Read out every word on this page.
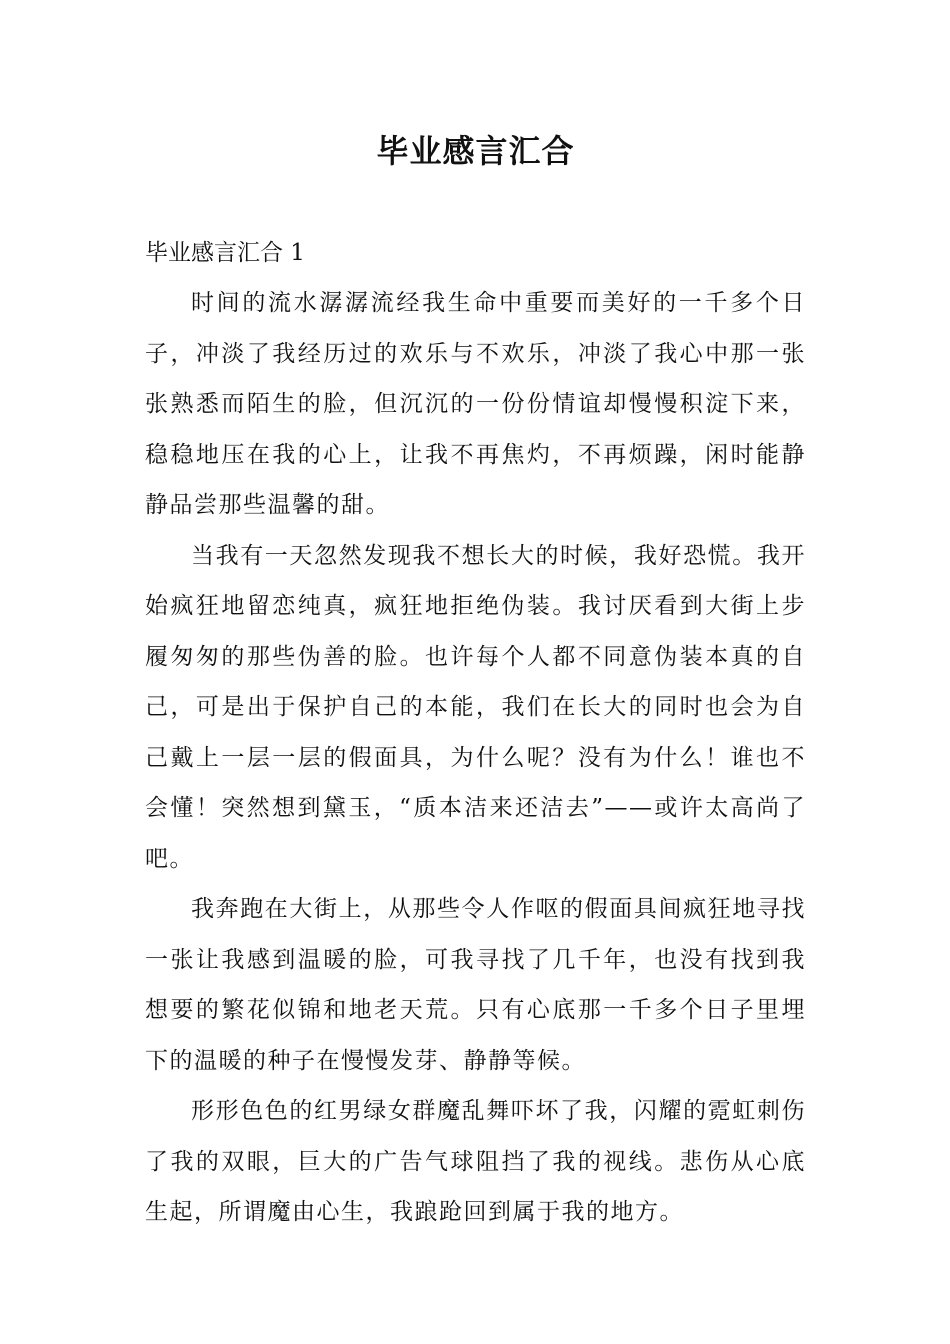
毕业感言汇合
毕业感言汇合 1

时间的流水潺潺流经我生命中重要而美好的一千多个日子，冲淡了我经历过的欢乐与不欢乐，冲淡了我心中那一张张熟悉而陌生的脸，但沉沉的一份份情谊却慢慢积淀下来，稳稳地压在我的心上，让我不再焦灼，不再烦躁，闲时能静静品尝那些温馨的甜。

当我有一天忽然发现我不想长大的时候，我好恐慌。我开始疯狂地留恋纯真，疯狂地拒绝伪装。我讨厌看到大街上步履匆匆的那些伪善的脸。也许每个人都不同意伪装本真的自己，可是出于保护自己的本能，我们在长大的同时也会为自己戴上一层一层的假面具，为什么呢？没有为什么！谁也不会懂！突然想到黛玉，“质本洁来还洁去”——或许太高尚了吧。

我奔跑在大街上，从那些令人作呕的假面具间疯狂地寻找一张让我感到温暖的脸，可我寻找了几千年，也没有找到我想要的繁花似锦和地老天荒。只有心底那一千多个日子里埋下的温暖的种子在慢慢发芽、静静等候。

形形色色的红男绿女群魔乱舞吓坏了我，闪耀的霓虹刺伤了我的双眼，巨大的广告气球阻挡了我的视线。悲伤从心底生起，所谓魔由心生，我踉跄回到属于我的地方。
